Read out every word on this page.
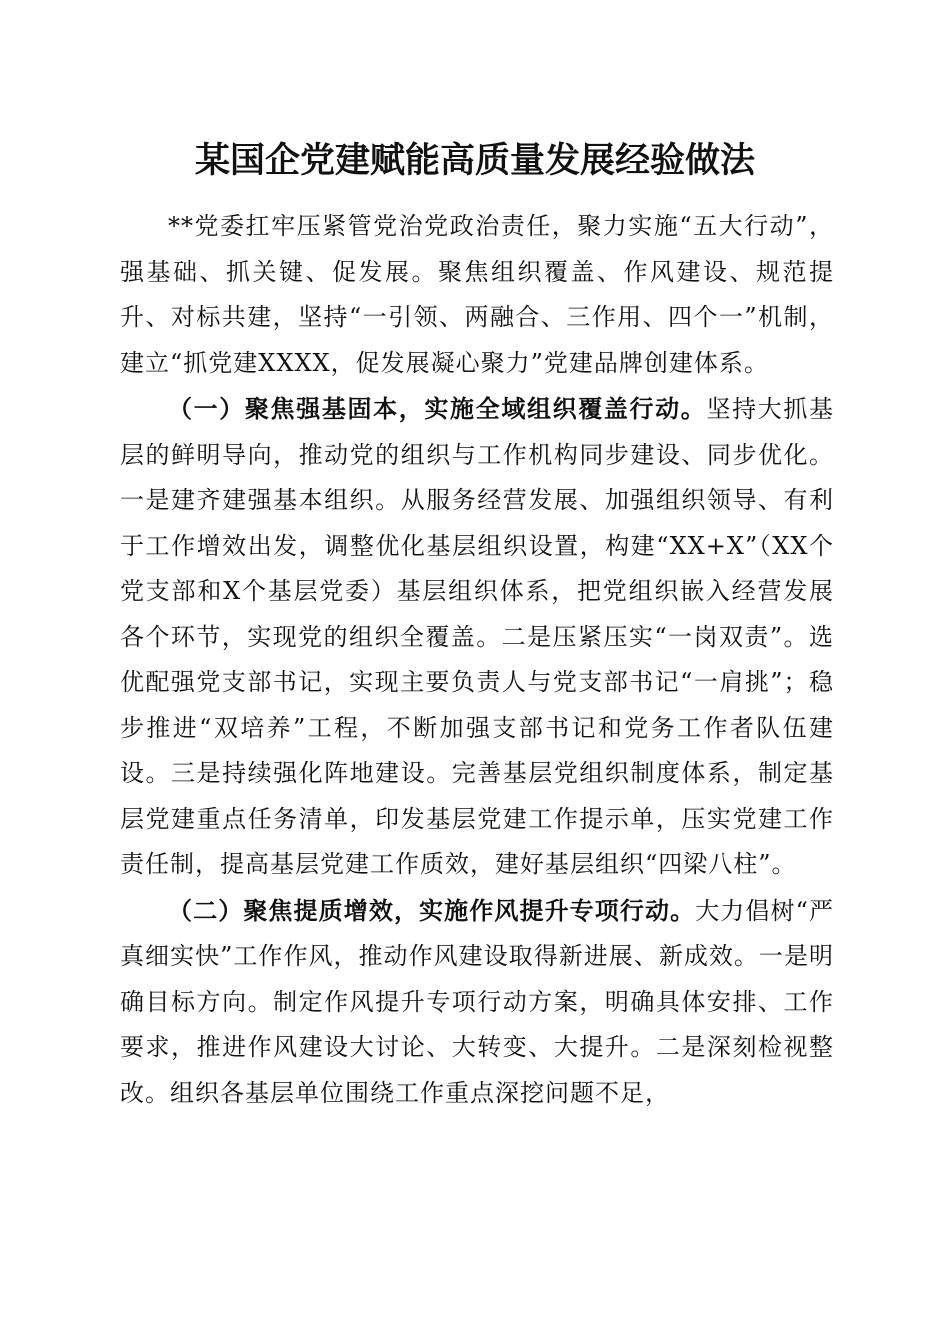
某国企党建赋能高质量发展经验做法

**党委扛牢压紧管党治党政治责任，聚力实施“五大行动”，强基础、抓关键、促发展。聚焦组织覆盖、作风建设、规范提升、对标共建，坚持“一引领、两融合、三作用、四个一”机制，建立“抓党建XXXX，促发展凝心聚力”党建品牌创建体系。

（一）聚焦强基固本，实施全域组织覆盖行动。坚持大抓基层的鲜明导向，推动党的组织与工作机构同步建设、同步优化。一是建齐建强基本组织。从服务经营发展、加强组织领导、有利于工作增效出发，调整优化基层组织设置，构建“XX+X”（XX个党支部和X个基层党委）基层组织体系，把党组织嵌入经营发展各个环节，实现党的组织全覆盖。二是压紧压实“一岗双责”。选优配强党支部书记，实现主要负责人与党支部书记“一肩挑”；稳步推进“双培养”工程，不断加强支部书记和党务工作者队伍建设。三是持续强化阵地建设。完善基层党组织制度体系，制定基层党建重点任务清单，印发基层党建工作提示单，压实党建工作责任制，提高基层党建工作质效，建好基层组织“四梁八柱”。

（二）聚焦提质增效，实施作风提升专项行动。大力倡树“严真细实快”工作作风，推动作风建设取得新进展、新成效。一是明确目标方向。制定作风提升专项行动方案，明确具体安排、工作要求，推进作风建设大讨论、大转变、大提升。二是深刻检视整改。组织各基层单位围绕工作重点深挖问题不足，
